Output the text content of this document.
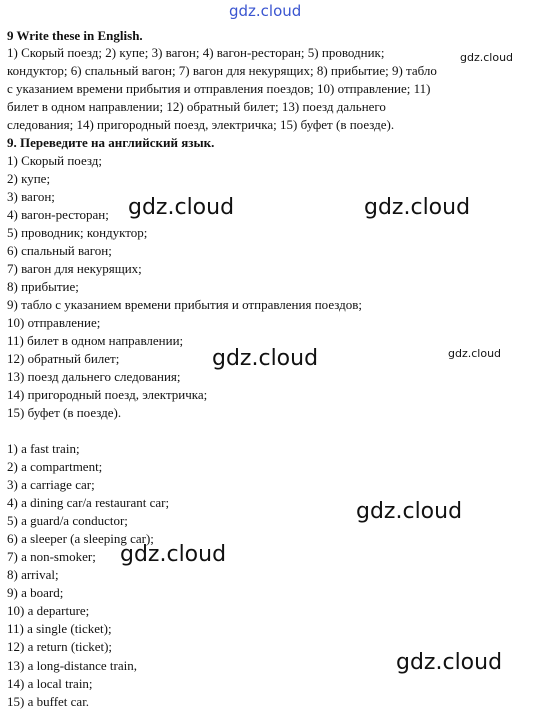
9 Write these in English.
1) Скорый поезд; 2) купе; 3) вагон; 4) вагон-ресторан; 5) проводник;
кондуктор; 6) спальный вагон; 7) вагон для некурящих; 8) прибытие; 9) табло
с указанием времени прибытия и отправления поездов; 10) отправление; 11)
билет в одном направлении; 12) обратный билет; 13) поезд дальнего
следования; 14) пригородный поезд, электричка; 15) буфет (в поезде).
9. Переведите на английский язык.
1) Скорый поезд;
2) купе;
3) вагон;
4) вагон-ресторан;
5) проводник; кондуктор;
6) спальный вагон;
7) вагон для некурящих;
8) прибытие;
9) табло с указанием времени прибытия и отправления поездов;
10) отправление;
11) билет в одном направлении;
12) обратный билет;
13) поезд дальнего следования;
14) пригородный поезд, электричка;
15) буфет (в поезде).
1) a fast train;
2) a compartment;
3) a carriage car;
4) a dining car/a restaurant car;
5) a guard/a conductor;
6) a sleeper (a sleeping car);
7) a non-smoker;
8) arrival;
9) a board;
10) a departure;
11) a single (ticket);
12) a return (ticket);
13) a long-distance train,
14) a local train;
15) a buffet car.
gdz.cloud
gdz.cloud
gdz.cloud	gdz.cloud
gdz.cloud	gdz.cloud
gdz.cloud
gdz.cloud
gdz.cloud
